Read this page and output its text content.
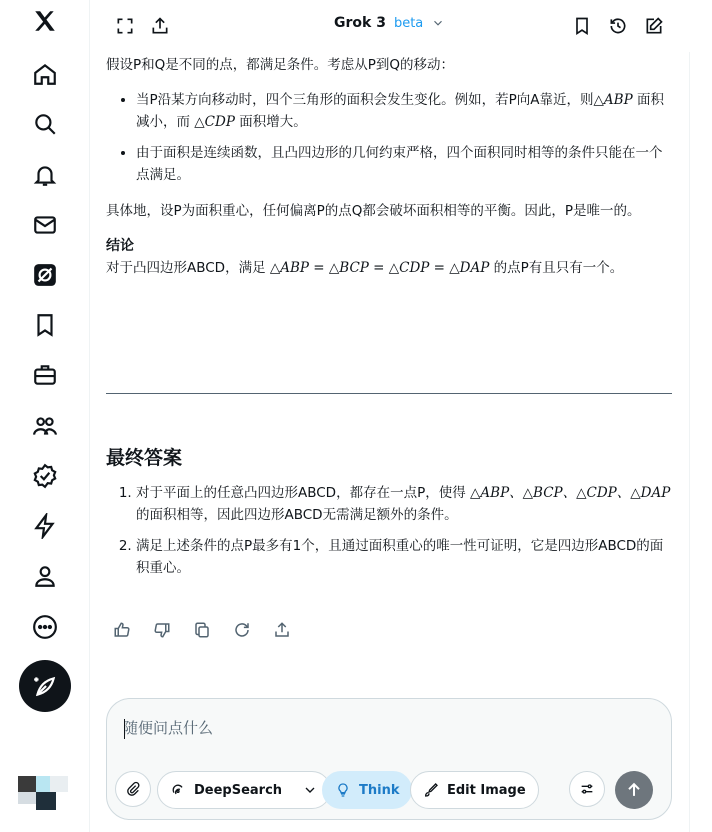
Grok 3 beta

假设P和Q是不同的点，都满足条件。考虑从P到Q的移动：

• 当P沿某方向移动时，四个三角形的面积会发生变化。例如，若P向A靠近，则△ABP 面积减小，而 △CDP 面积增大。
• 由于面积是连续函数，且凸四边形的几何约束严格，四个面积同时相等的条件只能在一个点满足。

具体地，设P为面积重心，任何偏离P的点Q都会破坏面积相等的平衡。因此，P是唯一的。

结论

对于凸四边形ABCD，满足 △ABP = △BCP = △CDP = △DAP 的点P有且只有一个。

最终答案
1. 对于平面上的任意凸四边形ABCD，都存在一点P，使得 △ABP、△BCP、△CDP、△DAP 的面积相等，因此四边形ABCD无需满足额外的条件。
2. 满足上述条件的点P最多有1个，且通过面积重心的唯一性可证明，它是四边形ABCD的面积重心。
随便问点什么
DeepSearch	Think	Edit Image
